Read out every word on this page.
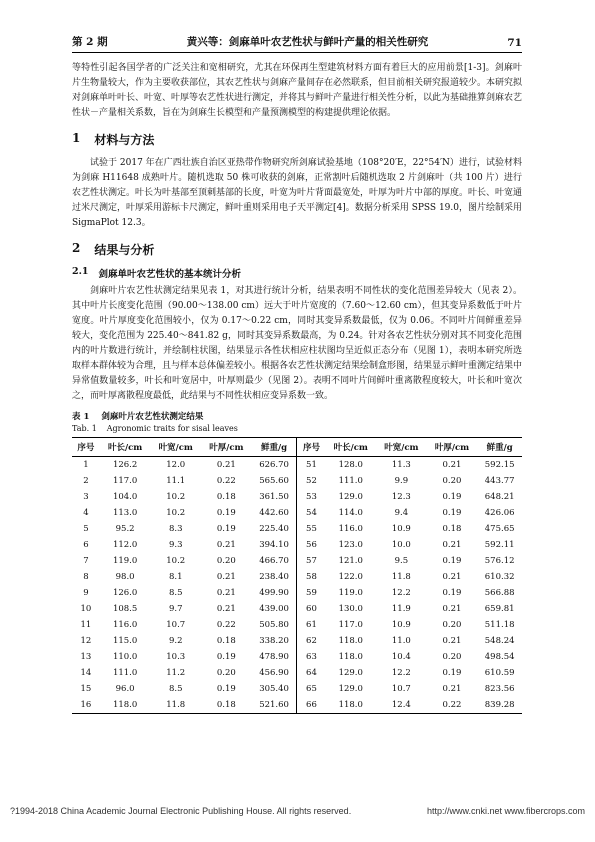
第 2 期	黄兴等：剑麻单叶农艺性状与鲜叶产量的相关性研究	71

等特性引起各国学者的广泛关注和宽相研究，尤其在环保再生型建筑材料方面有着巨大的应用前景[1-3]。剑麻叶片生物量较大，作为主要收获部位，其农艺性状与剑麻产量间存在必然联系，但目前相关研究报道较少。本研究拟对剑麻单叶叶长、叶宽、叶厚等农艺性状进行测定，并将其与鲜叶产量进行相关性分析，以此为基础推算剑麻农艺性状－产量相关系数，旨在为剑麻生长模型和产量预测模型的构建提供理论依据。

1 材料与方法

试验于 2017 年在广西壮族自治区亚热带作物研究所剑麻试验基地（108°20′E，22°54′N）进行，试验材料为剑麻 H11648 成熟叶片。随机选取 50 株可收获的剑麻，正常割叶后随机选取 2 片剑麻叶（共 100 片）进行农艺性状测定。叶长为叶基部至顶刺基部的长度，叶宽为叶片背面最宽处，叶厚为叶片中部的厚度。叶长、叶宽通过米尺测定，叶厚采用游标卡尺测定，鲜叶重则采用电子天平测定[4]。数据分析采用 SPSS 19.0，图片绘制采用 SigmaPlot 12.3。

2 结果与分析
2.1 剑麻单叶农艺性状的基本统计分析

剑麻叶片农艺性状测定结果见表 1，对其进行统计分析，结果表明不同性状的变化范围差异较大（见表 2）。其中叶片长度变化范围（90.00～138.00 cm）远大于叶片宽度的（7.60～12.60 cm），但其变异系数低于叶片宽度。叶片厚度变化范围较小，仅为 0.17～0.22 cm，同时其变异系数最低，仅为 0.06。不同叶片间鲜重差异较大，变化范围为 225.40～841.82 g，同时其变异系数最高，为 0.24。针对各农艺性状分别对其不同变化范围内的叶片数进行统计，并绘制柱状图，结果显示各性状相应柱状图均呈近似正态分布（见图 1），表明本研究所选取样本群体较为合理，且与样本总体偏差较小。根据各农艺性状测定结果绘制盒形图，结果显示鲜叶重测定结果中异常值数量较多，叶长和叶宽居中，叶厚则最少（见图 2）。表明不同叶片间鲜叶重离散程度较大，叶长和叶宽次之，而叶厚离散程度最低，此结果与不同性状相应变异系数一致。

表 1 剑麻叶片农艺性状测定结果
Tab. 1 Agronomic traits for sisal leaves
序号	叶长/cm	叶宽/cm	叶厚/cm	鲜重/g	序号	叶长/cm	叶宽/cm	叶厚/cm	鲜重/g
1	126.2	12.0	0.21	626.70	51	128.0	11.3	0.21	592.15
2	117.0	11.1	0.22	565.60	52	111.0	9.9	0.20	443.77
3	104.0	10.2	0.18	361.50	53	129.0	12.3	0.19	648.21
4	113.0	10.2	0.19	442.60	54	114.0	9.4	0.19	426.06
5	95.2	8.3	0.19	225.40	55	116.0	10.9	0.18	475.65
6	112.0	9.3	0.21	394.10	56	123.0	10.0	0.21	592.11
7	119.0	10.2	0.20	466.70	57	121.0	9.5	0.19	576.12
8	98.0	8.1	0.21	238.40	58	122.0	11.8	0.21	610.32
9	126.0	8.5	0.21	499.90	59	119.0	12.2	0.19	566.88
10	108.5	9.7	0.21	439.00	60	130.0	11.9	0.21	659.81
11	116.0	10.7	0.22	505.80	61	117.0	10.9	0.20	511.18
12	115.0	9.2	0.18	338.20	62	118.0	11.0	0.21	548.24
13	110.0	10.3	0.19	478.90	63	118.0	10.4	0.20	498.54
14	111.0	11.2	0.20	456.90	64	129.0	12.2	0.19	610.59
15	96.0	8.5	0.19	305.40	65	129.0	10.7	0.21	823.56
16	118.0	11.8	0.18	521.60	66	118.0	12.4	0.22	839.28
?1994-2018 China Academic Journal Electronic Publishing House. All rights reserved.	http://www.cnki.net www.fibercrops.com
